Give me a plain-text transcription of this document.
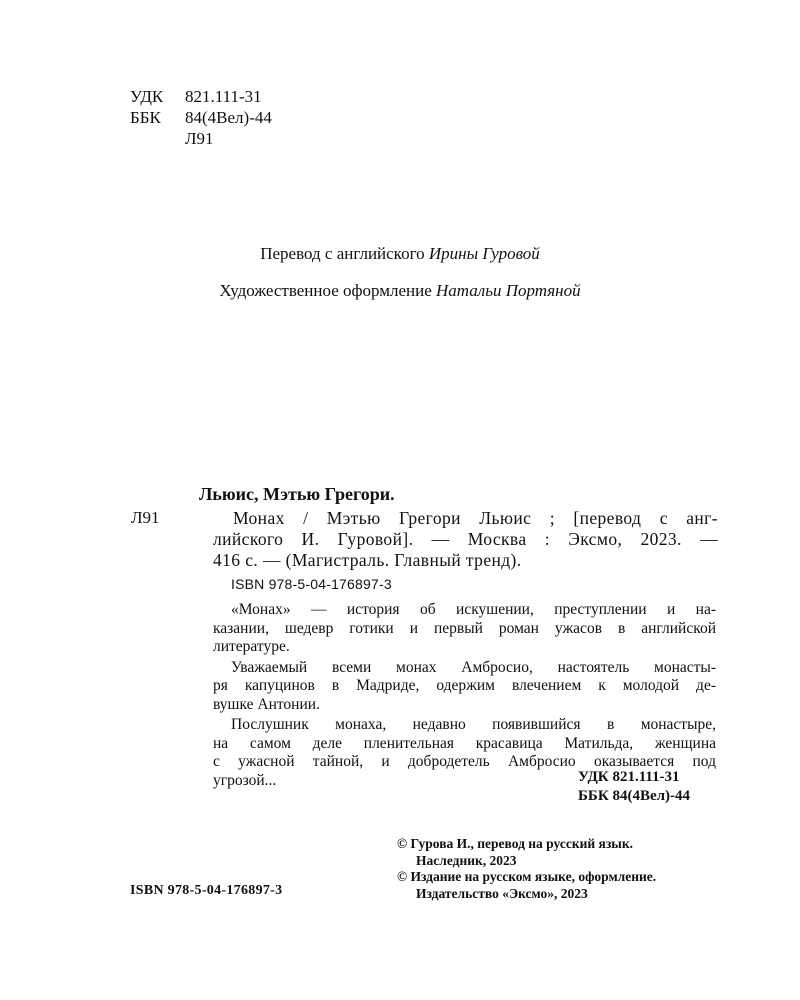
УДК	821.111-31
ББК	84(4Вел)-44
Л91
Перевод с английского Ирины Гуровой
Художественное оформление Натальи Портяной
Льюис, Мэтью Грегори.
Л91	Монах / Мэтью Грегори Льюис ; [перевод с анг-
лийского И. Гуровой]. — Москва : Эксмо, 2023. —
416 с. — (Магистраль. Главный тренд).
ISBN 978-5-04-176897-3
«Монах» — история об искушении, преступлении и на-
казании, шедевр готики и первый роман ужасов в английской
литературе.
Уважаемый всеми монах Амбросио, настоятель монасты-
ря капуцинов в Мадриде, одержим влечением к молодой де-
вушке Антонии.
Послушник монаха, недавно появившийся в монастыре,
на самом деле пленительная красавица Матильда, женщина
с ужасной тайной, и добродетель Амбросио оказывается под
угрозой...	УДК 821.111-31
ББК 84(4Вел)-44
© Гурова И., перевод на русский язык.
Наследник, 2023
© Издание на русском языке, оформление.
Издательство «Эксмо», 2023
ISBN 978-5-04-176897-3
